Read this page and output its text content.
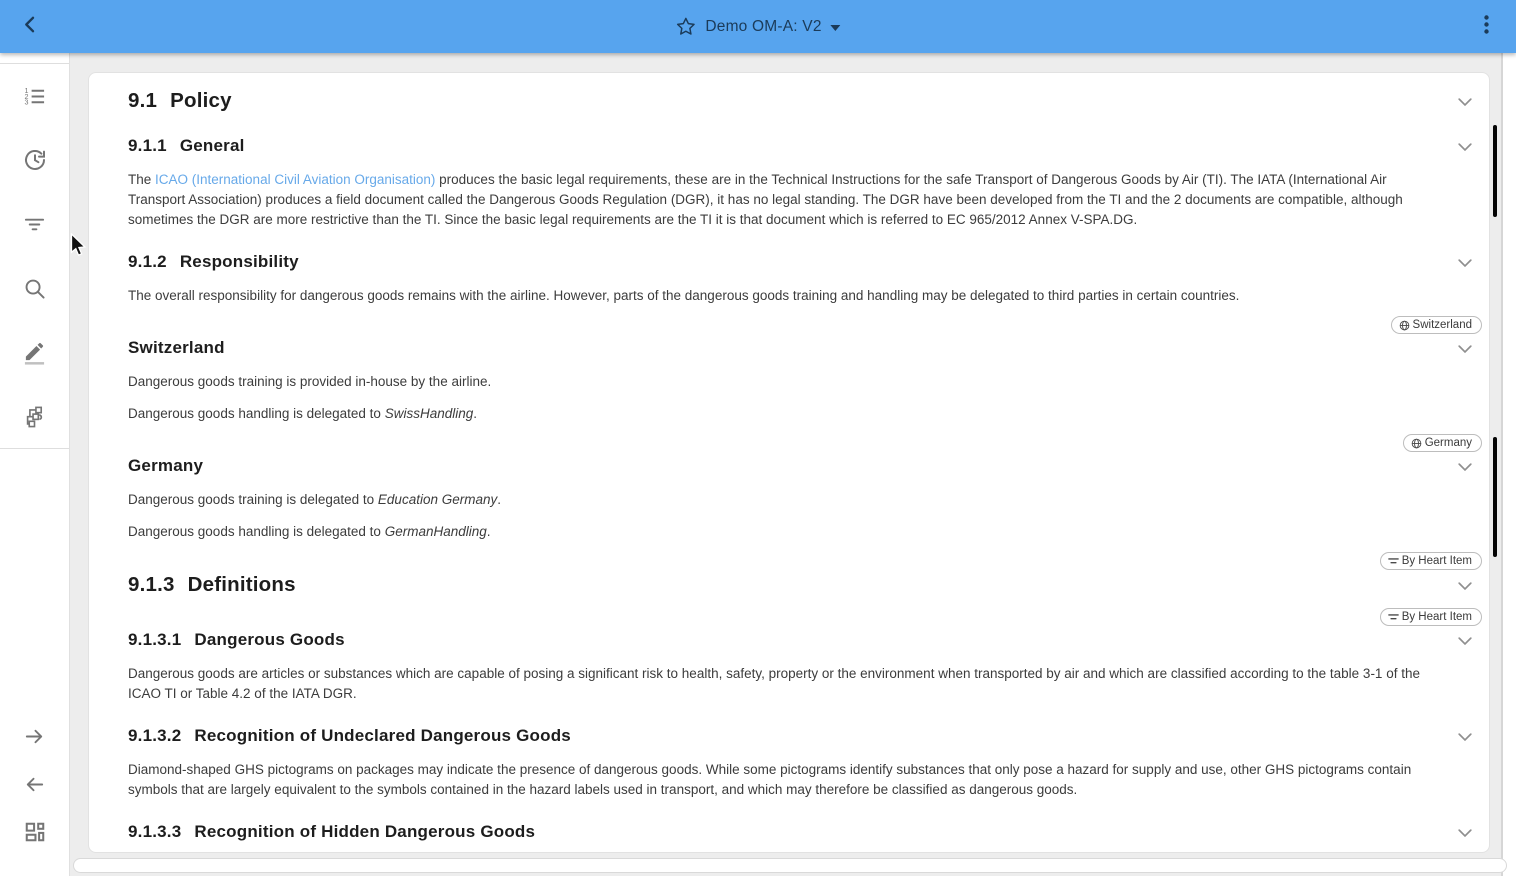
Demo OM-A: V2
1
2
3	9.1 Policy
9.1.1 General

The ICAO (International Civil Aviation Organisation) produces the basic legal requirements, these are in the Technical Instructions for the safe Transport of Dangerous Goods by Air (TI). The IATA (International Air Transport Association) produces a field document called the Dangerous Goods Regulation (DGR), it has no legal standing. The DGR have been developed from the TI and the 2 documents are compatible, although sometimes the DGR are more restrictive than the TI. Since the basic legal requirements are the TI it is that document which is referred to EC 965/2012 Annex V-SPA.DG.

9.1.2 Responsibility

The overall responsibility for dangerous goods remains with the airline. However, parts of the dangerous goods training and handling may be delegated to third parties in certain countries.

Switzerland
Switzerland

Dangerous goods training is provided in-house by the airline.

Dangerous goods handling is delegated to SwissHandling.

Germany
Germany

Dangerous goods training is delegated to Education Germany.

Dangerous goods handling is delegated to GermanHandling.

By Heart Item
9.1.3 Definitions
By Heart Item
9.1.3.1 Dangerous Goods

Dangerous goods are articles or substances which are capable of posing a significant risk to health, safety, property or the environment when transported by air and which are classified according to the table 3-1 of the ICAO TI or Table 4.2 of the IATA DGR.

9.1.3.2 Recognition of Undeclared Dangerous Goods

Diamond-shaped GHS pictograms on packages may indicate the presence of dangerous goods. While some pictograms identify substances that only pose a hazard for supply and use, other GHS pictograms contain symbols that are largely equivalent to the symbols contained in the hazard labels used in transport, and which may therefore be classified as dangerous goods.

9.1.3.3 Recognition of Hidden Dangerous Goods
